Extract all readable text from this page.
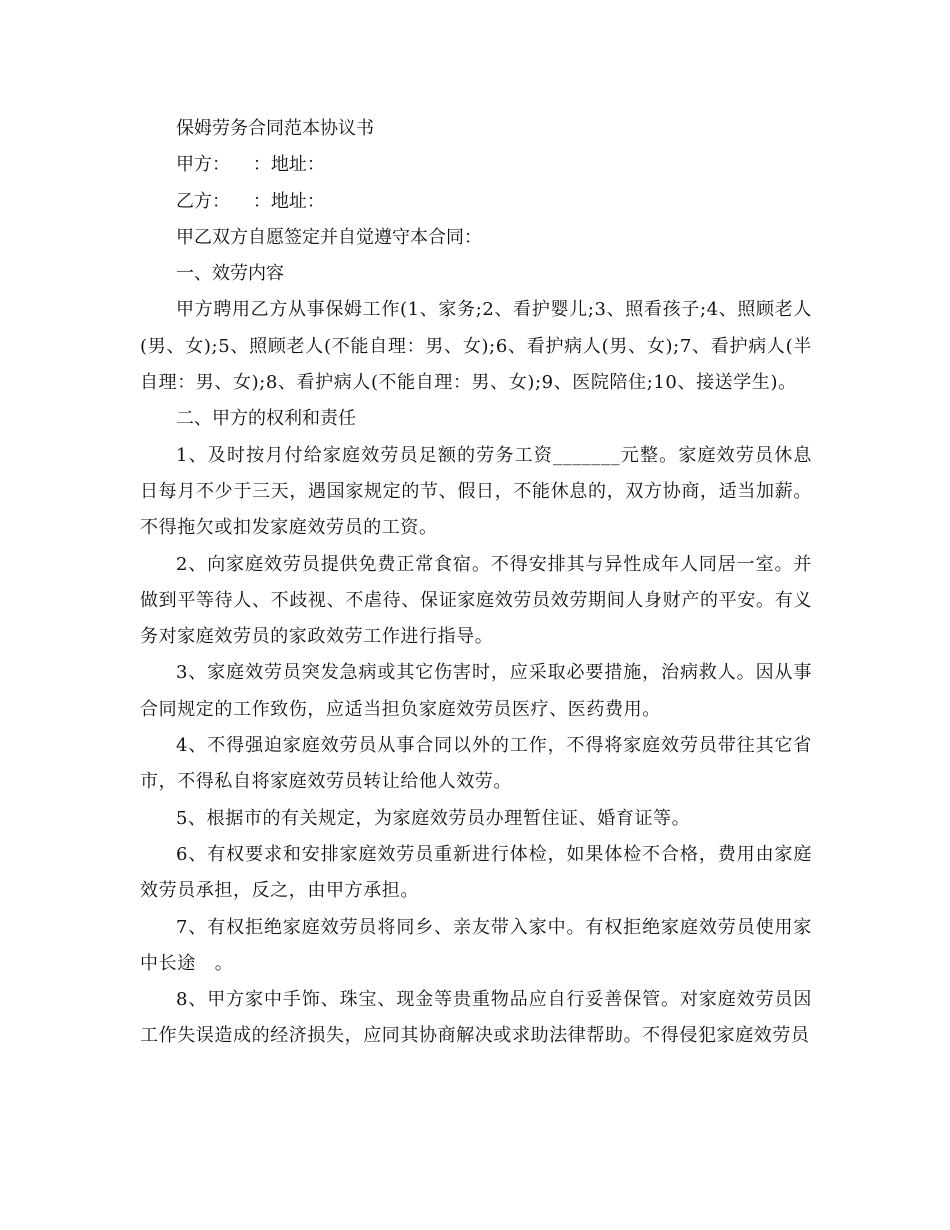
保姆劳务合同范本协议书

甲方：    ：地址：

乙方：    ：地址：

甲乙双方自愿签定并自觉遵守本合同：

一、效劳内容

甲方聘用乙方从事保姆工作(1、家务;2、看护婴儿;3、照看孩子;4、照顾老人(男、女);5、照顾老人(不能自理：男、女);6、看护病人(男、女);7、看护病人(半自理：男、女);8、看护病人(不能自理：男、女);9、医院陪住;10、接送学生)。

二、甲方的权利和责任

1、及时按月付给家庭效劳员足额的劳务工资_______元整。家庭效劳员休息日每月不少于三天，遇国家规定的节、假日，不能休息的，双方协商，适当加薪。不得拖欠或扣发家庭效劳员的工资。

2、向家庭效劳员提供免费正常食宿。不得安排其与异性成年人同居一室。并做到平等待人、不歧视、不虐待、保证家庭效劳员效劳期间人身财产的平安。有义务对家庭效劳员的家政效劳工作进行指导。

3、家庭效劳员突发急病或其它伤害时，应采取必要措施，治病救人。因从事合同规定的工作致伤，应适当担负家庭效劳员医疗、医药费用。

4、不得强迫家庭效劳员从事合同以外的工作，不得将家庭效劳员带往其它省市，不得私自将家庭效劳员转让给他人效劳。

5、根据市的有关规定，为家庭效劳员办理暂住证、婚育证等。

6、有权要求和安排家庭效劳员重新进行体检，如果体检不合格，费用由家庭效劳员承担，反之，由甲方承担。

7、有权拒绝家庭效劳员将同乡、亲友带入家中。有权拒绝家庭效劳员使用家中长途   。

8、甲方家中手饰、珠宝、现金等贵重物品应自行妥善保管。对家庭效劳员因工作失误造成的经济损失，应同其协商解决或求助法律帮助。不得侵犯家庭效劳员
